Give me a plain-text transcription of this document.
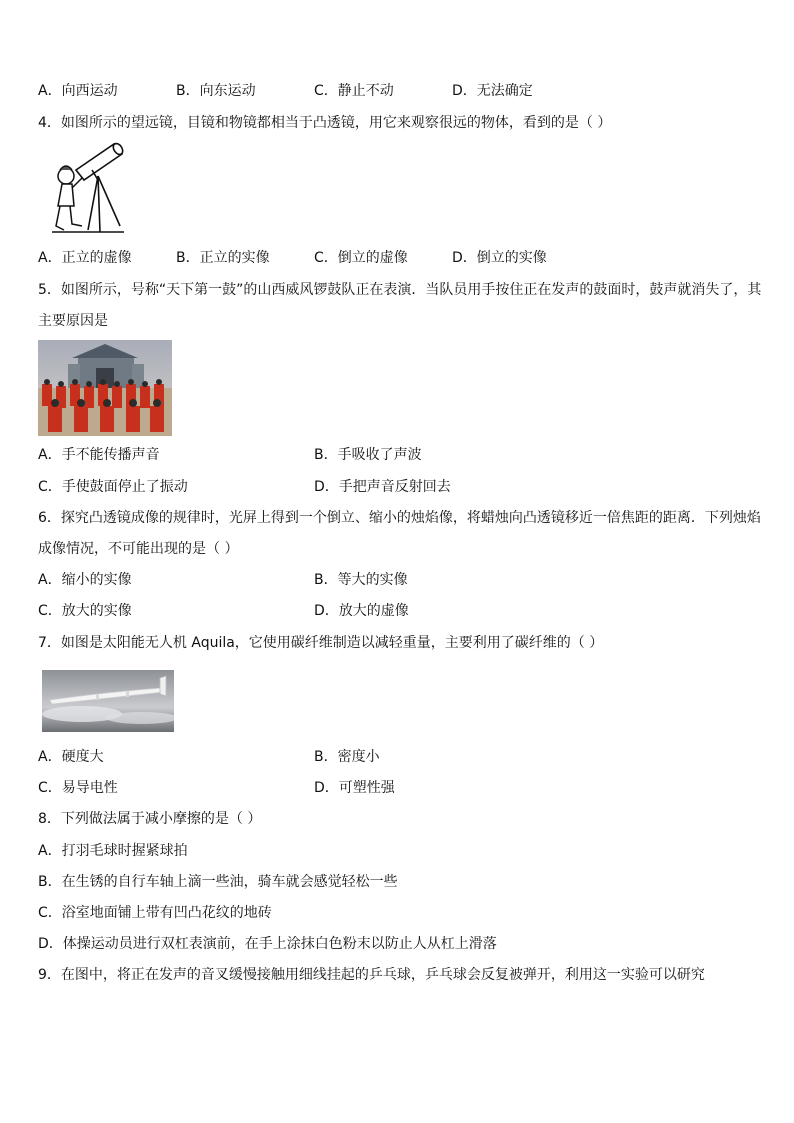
A．向西运动	B．向东运动	C．静止不动	D．无法确定
4．如图所示的望远镜，目镜和物镜都相当于凸透镜，用它来观察很远的物体，看到的是（ ）
A．正立的虚像	B．正立的实像	C．倒立的虚像	D．倒立的实像
5．如图所示，号称“天下第一鼓”的山西威风锣鼓队正在表演．当队员用手按住正在发声的鼓面时，鼓声就消失了，其
主要原因是
A．手不能传播声音	B．手吸收了声波
C．手使鼓面停止了振动	D．手把声音反射回去
6．探究凸透镜成像的规律时，光屏上得到一个倒立、缩小的烛焰像，将蜡烛向凸透镜移近一倍焦距的距离．下列烛焰
成像情况，不可能出现的是（ ）
A．缩小的实像	B．等大的实像
C．放大的实像	D．放大的虚像
7．如图是太阳能无人机 Aquila，它使用碳纤维制造以减轻重量，主要利用了碳纤维的（ ）
A．硬度大	B．密度小
C．易导电性	D．可塑性强
8．下列做法属于减小摩擦的是（ ）
A．打羽毛球时握紧球拍
B．在生锈的自行车轴上滴一些油，骑车就会感觉轻松一些
C．浴室地面铺上带有凹凸花纹的地砖
D．体操运动员进行双杠表演前，在手上涂抹白色粉末以防止人从杠上滑落
9．在图中，将正在发声的音叉缓慢接触用细线挂起的乒乓球，乒乓球会反复被弹开，利用这一实验可以研究
